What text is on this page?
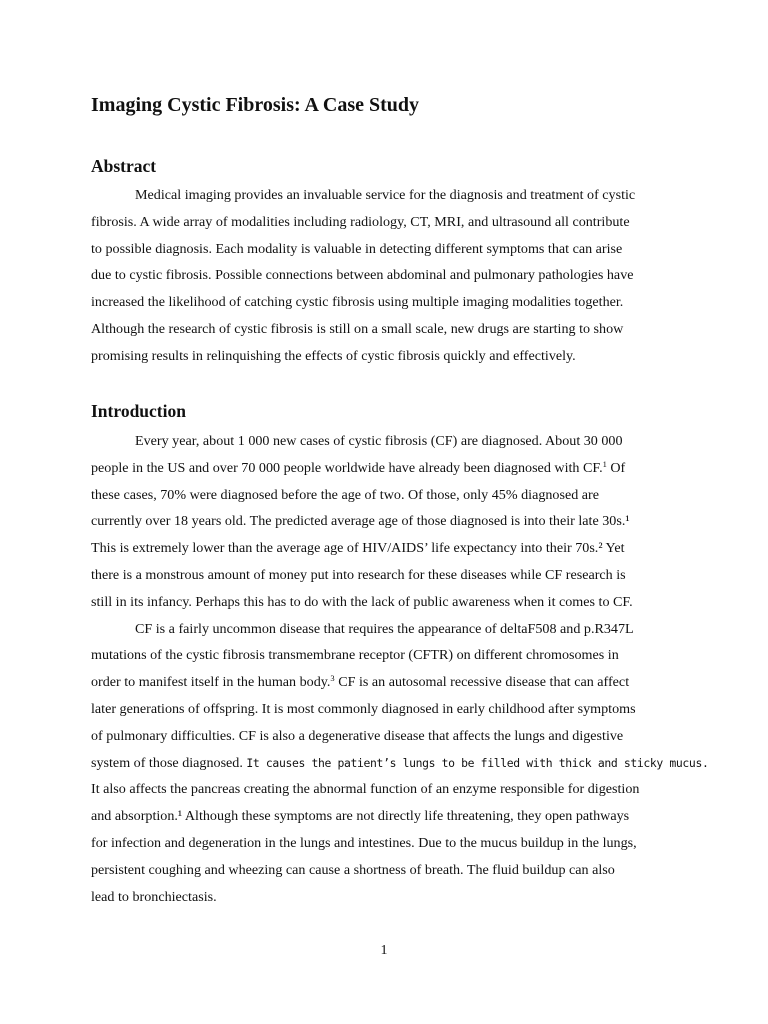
Imaging Cystic Fibrosis: A Case Study
Abstract
Medical imaging provides an invaluable service for the diagnosis and treatment of cystic
fibrosis. A wide array of modalities including radiology, CT, MRI, and ultrasound all contribute
to possible diagnosis. Each modality is valuable in detecting different symptoms that can arise
due to cystic fibrosis. Possible connections between abdominal and pulmonary pathologies have
increased the likelihood of catching cystic fibrosis using multiple imaging modalities together.
Although the research of cystic fibrosis is still on a small scale, new drugs are starting to show
promising results in relinquishing the effects of cystic fibrosis quickly and effectively.
Introduction
Every year, about 1 000 new cases of cystic fibrosis (CF) are diagnosed. About 30 000
people in the US and over 70 000 people worldwide have already been diagnosed with CF.$^1$ Of
these cases, 70% were diagnosed before the age of two. Of those, only 45% diagnosed are
currently over 18 years old. The predicted average age of those diagnosed is into their late 30s.¹
This is extremely lower than the average age of HIV/AIDS’ life expectancy into their 70s.² Yet
there is a monstrous amount of money put into research for these diseases while CF research is
still in its infancy. Perhaps this has to do with the lack of public awareness when it comes to CF.
CF is a fairly uncommon disease that requires the appearance of deltaF508 and p.R347L
mutations of the cystic fibrosis transmembrane receptor (CFTR) on different chromosomes in
order to manifest itself in the human body.$^3$ CF is an autosomal recessive disease that can affect
later generations of offspring. It is most commonly diagnosed in early childhood after symptoms
of pulmonary difficulties. CF is also a degenerative disease that affects the lungs and digestive
system of those diagnosed. It causes the patient’s lungs to be filled with thick and sticky mucus.
It also affects the pancreas creating the abnormal function of an enzyme responsible for digestion
and absorption.¹ Although these symptoms are not directly life threatening, they open pathways
for infection and degeneration in the lungs and intestines. Due to the mucus buildup in the lungs,
persistent coughing and wheezing can cause a shortness of breath. The fluid buildup can also
lead to bronchiectasis.
1
